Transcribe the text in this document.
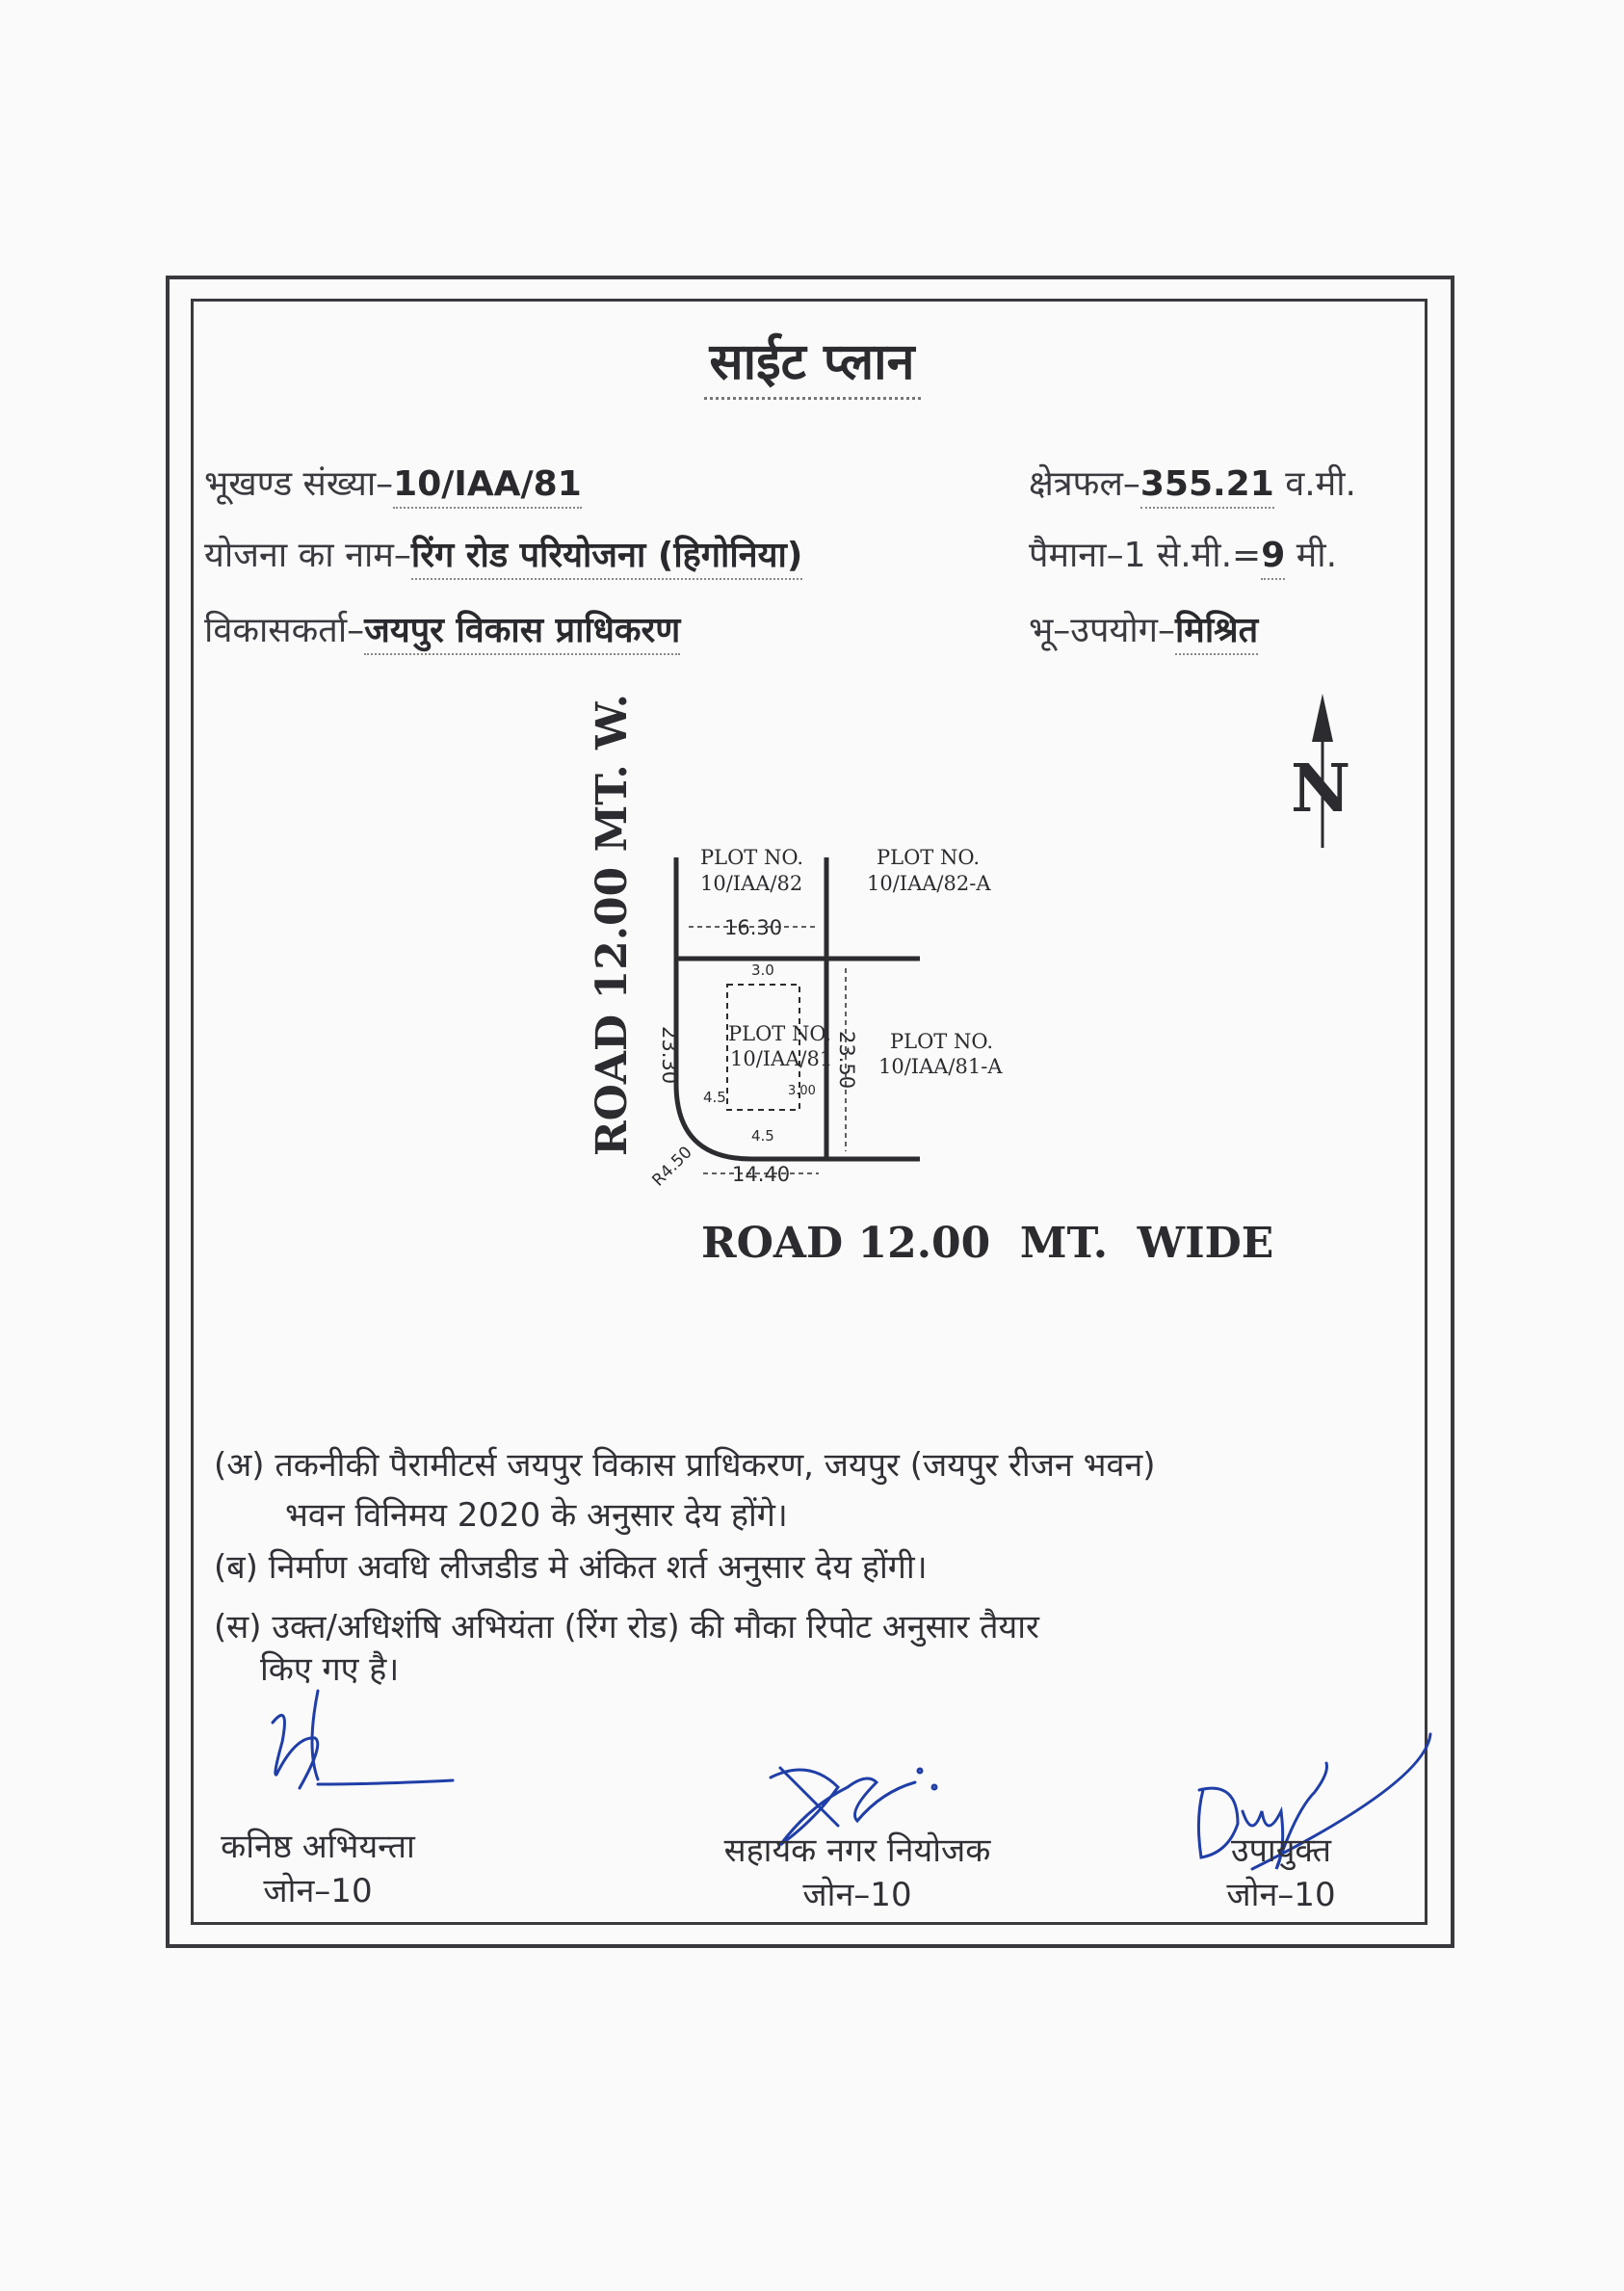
साईट प्लान
भूखण्ड संख्या–10/IAA/81
योजना का नाम–रिंग रोड परियोजना (हिगोनिया)
विकासकर्ता–जयपुर विकास प्राधिकरण
क्षेत्रफल–355.21 व.मी.
पैमाना–1 से.मी.=9 मी.
भू–उपयोग–मिश्रित
ROAD 12.00 MT. W.	N
PLOT NO.
10/IAA/82
PLOT NO.
10/IAA/82-A
PLOT NO.
10/IAA/81
PLOT NO.
10/IAA/81-A
16.30
14.40
23.30	23.50
3.0
4.5	3.00
4.5
R4.50
ROAD 12.00  MT.  WIDE
(अ) तकनीकी पैरामीटर्स जयपुर विकास प्राधिकरण, जयपुर (जयपुर रीजन भवन)
भवन विनिमय 2020 के अनुसार देय होंगे।
(ब) निर्माण अवधि लीजडीड मे अंकित शर्त अनुसार देय होंगी।
(स) उक्त/अधिशंषि अभियंता (रिंग रोड) की मौका रिपोट अनुसार तैयार
किए गए है।
कनिष्ठ अभियन्ता
जोन–10
सहायक नगर नियोजक
जोन–10
उपायुक्त
जोन–10
